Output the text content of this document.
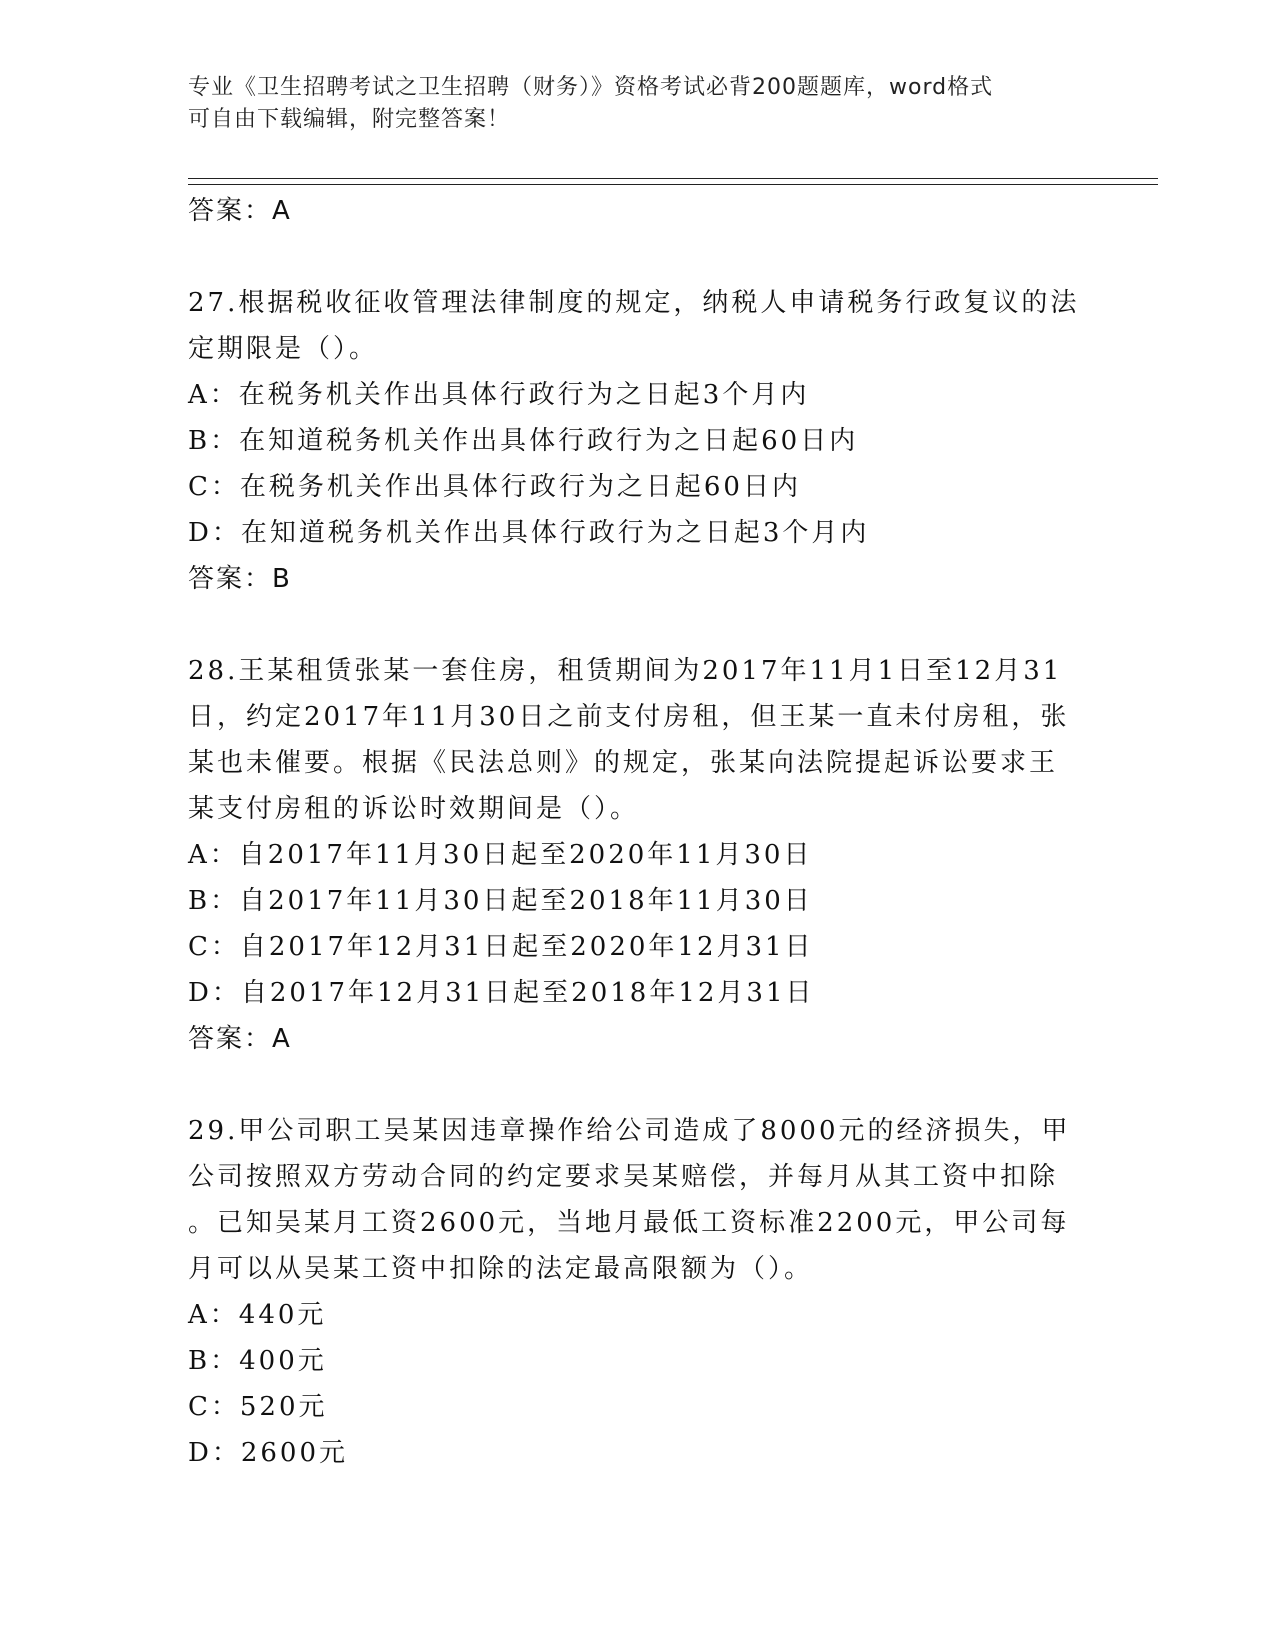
专业《卫生招聘考试之卫生招聘（财务）》资格考试必背200题题库，word格式
可自由下载编辑，附完整答案！
答案：A
27.根据税收征收管理法律制度的规定，纳税人申请税务行政复议的法
定期限是（）。
A：在税务机关作出具体行政行为之日起3个月内
B：在知道税务机关作出具体行政行为之日起60日内
C：在税务机关作出具体行政行为之日起60日内
D：在知道税务机关作出具体行政行为之日起3个月内
答案：B
28.王某租赁张某一套住房，租赁期间为2017年11月1日至12月31
日，约定2017年11月30日之前支付房租，但王某一直未付房租，张
某也未催要。根据《民法总则》的规定，张某向法院提起诉讼要求王
某支付房租的诉讼时效期间是（）。
A：自2017年11月30日起至2020年11月30日
B：自2017年11月30日起至2018年11月30日
C：自2017年12月31日起至2020年12月31日
D：自2017年12月31日起至2018年12月31日
答案：A
29.甲公司职工吴某因违章操作给公司造成了8000元的经济损失，甲
公司按照双方劳动合同的约定要求吴某赔偿，并每月从其工资中扣除
。已知吴某月工资2600元，当地月最低工资标准2200元，甲公司每
月可以从吴某工资中扣除的法定最高限额为（）。
A：440元
B：400元
C：520元
D：2600元
